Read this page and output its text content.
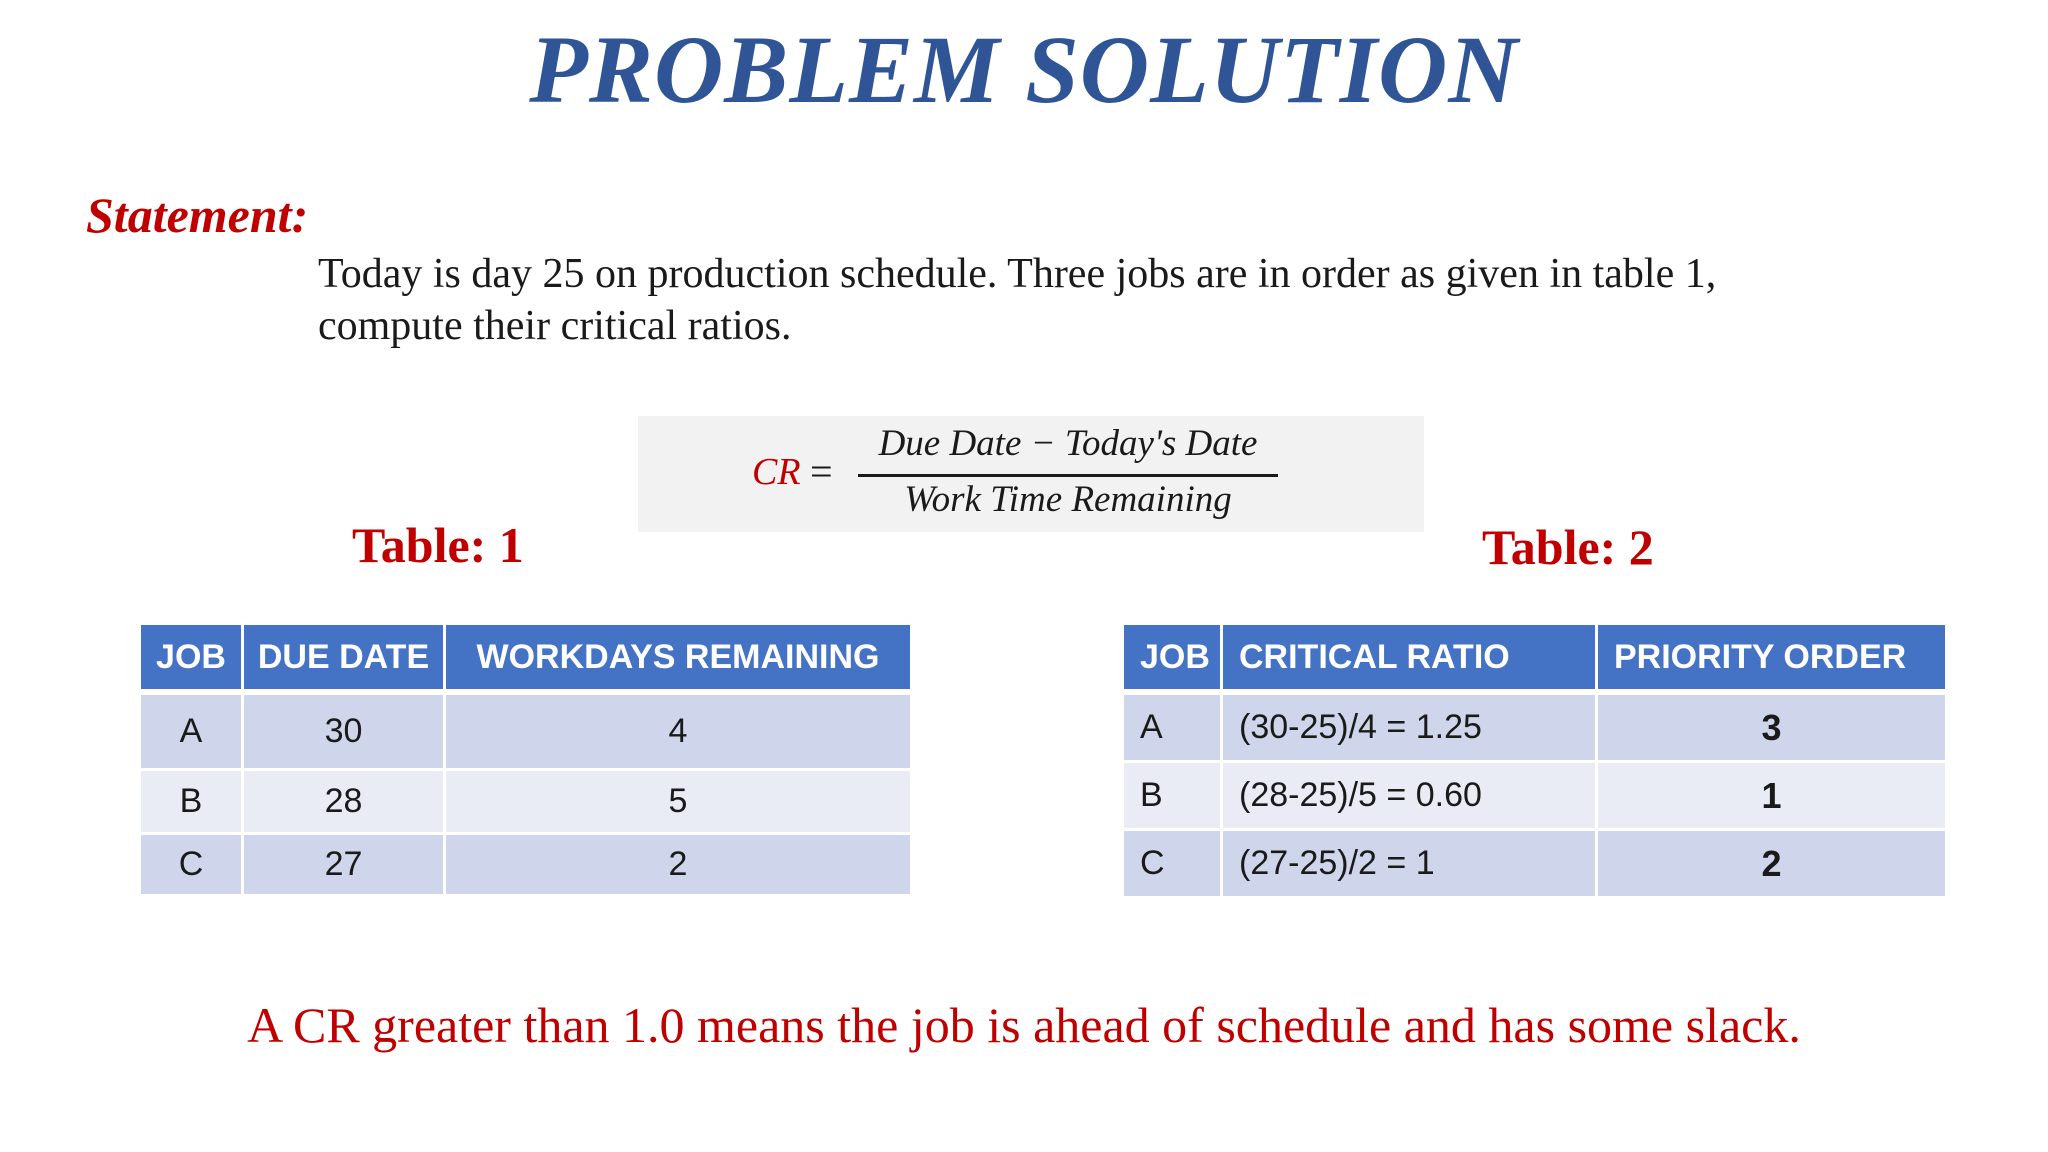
PROBLEM SOLUTION
Statement:
Today is day 25 on production schedule. Three jobs are in order as given in table 1,
compute their critical ratios.
CR =
Due Date − Today's Date
Work Time Remaining
Table: 1	Table: 2
JOB	DUE DATE	WORKDAYS REMAINING
A	30	4
B	28	5
C	27	2
JOB	CRITICAL RATIO	PRIORITY ORDER
A	(30-25)/4 = 1.25	3
B	(28-25)/5 = 0.60	1
C	(27-25)/2 = 1	2
A CR greater than 1.0 means the job is ahead of schedule and has some slack.
